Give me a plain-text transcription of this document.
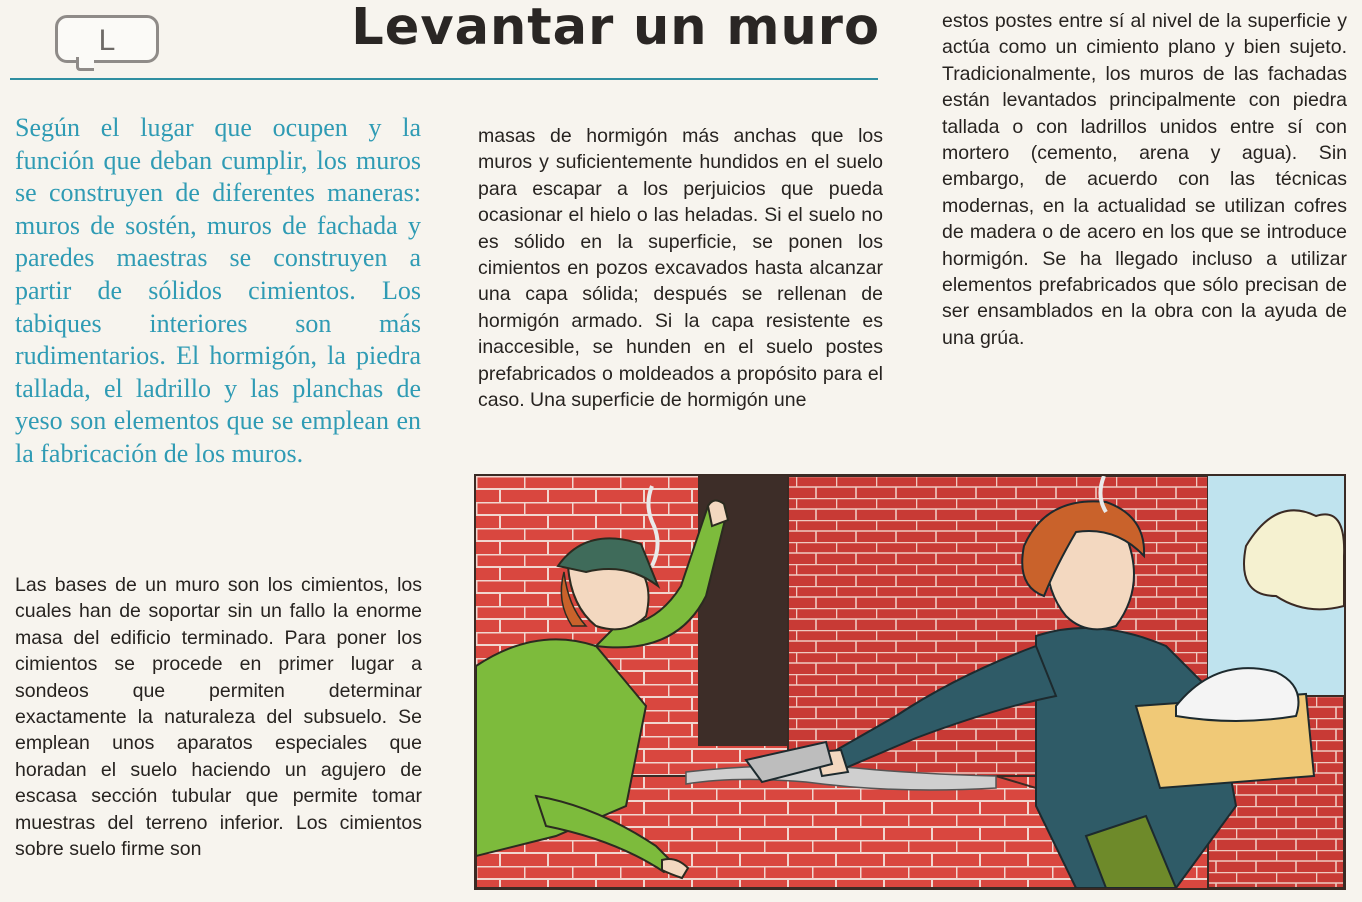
L	Levantar un muro

Según el lugar que ocupen y la función que deban cumplir, los muros se construyen de diferentes maneras: muros de sostén, muros de fachada y paredes maestras se construyen a partir de sólidos cimientos. Los tabiques interiores son más rudimentarios. El hormigón, la piedra tallada, el ladrillo y las planchas de yeso son elementos que se emplean en la fabricación de los muros.

Las bases de un muro son los cimientos, los cuales han de soportar sin un fallo la enorme masa del edificio terminado. Para poner los cimientos se procede en primer lugar a sondeos que permiten determinar exactamente la naturaleza del subsuelo. Se emplean unos aparatos especiales que horadan el suelo haciendo un agujero de escasa sección tubular que permite tomar muestras del terreno inferior. Los cimientos sobre suelo firme son

masas de hormigón más anchas que los muros y suficientemente hundidos en el suelo para escapar a los perjuicios que pueda ocasionar el hielo o las heladas. Si el suelo no es sólido en la superficie, se ponen los cimientos en pozos excavados hasta alcanzar una capa sólida; después se rellenan de hormigón armado. Si la capa resistente es inaccesible, se hunden en el suelo postes prefabricados o moldeados a propósito para el caso. Una superficie de hormigón une

estos postes entre sí al nivel de la superficie y actúa como un cimiento plano y bien sujeto. Tradicionalmente, los muros de las fachadas están levantados principalmente con piedra tallada o con ladrillos unidos entre sí con mortero (cemento, arena y agua). Sin embargo, de acuerdo con las técnicas modernas, en la actualidad se utilizan cofres de madera o de acero en los que se introduce hormigón. Se ha llegado incluso a utilizar elementos prefabricados que sólo precisan de ser ensamblados en la obra con la ayuda de una grúa.
